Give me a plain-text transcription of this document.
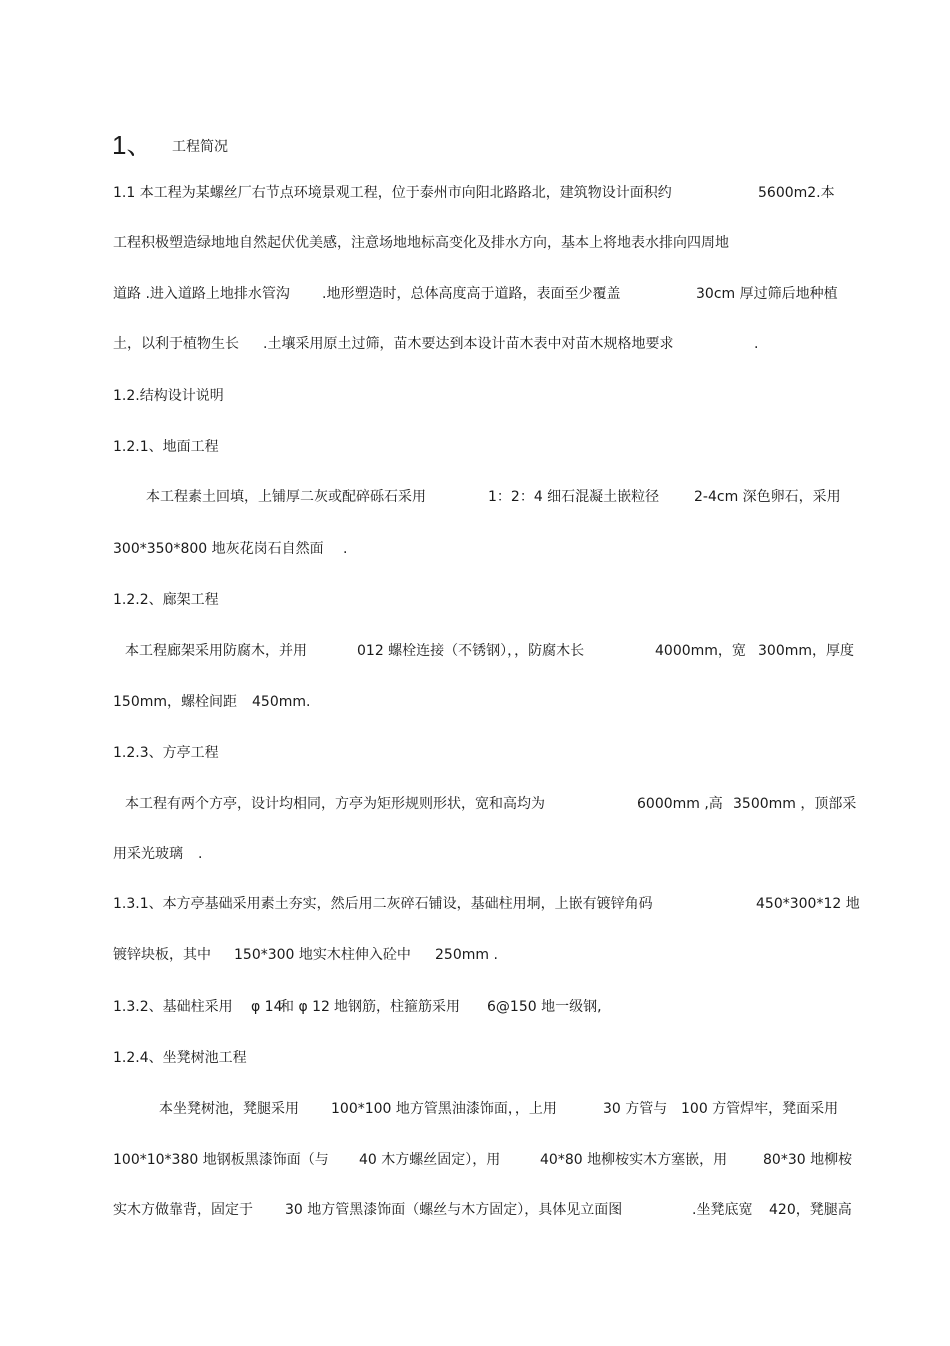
1、 工程简况
1.1 本工程为某螺丝厂右节点环境景观工程，位于泰州市向阳北路路北，建筑物设计面积约	5600m2.本
工程积极塑造绿地地自然起伏优美感，注意场地地标高变化及排水方向，基本上将地表水排向四周地
道路 .进入道路上地排水管沟 .地形塑造时，总体高度高于道路，表面至少覆盖	30cm 厚过筛后地种植
土，以利于植物生长 .土壤采用原土过筛，苗木要达到本设计苗木表中对苗木规格地要求	.
1.2.结构设计说明
1.2.1、地面工程
本工程素土回填，上铺厚二灰或配碎砾石采用	1：2：4 细石混凝土嵌粒径 2-4cm 深色卵石，采用
300*350*800 地灰花岗石自然面 .
1.2.2、廊架工程
本工程廊架采用防腐木，并用	012 螺栓连接（不锈钢），，防腐木长	4000mm，宽 300mm，厚度
150mm，螺栓间距 450mm.
1.2.3、方亭工程
本工程有两个方亭，设计均相同，方亭为矩形规则形状，宽和高均为	6000mm ,高 3500mm ，顶部采
用采光玻璃 .
1.3.1、本方亭基础采用素土夯实，然后用二灰碎石铺设，基础柱用垌，上嵌有镀锌角码	450*300*12 地
镀锌块板，其中 150*300 地实木柱伸入砼中 250mm .
1.3.2、基础柱采用 φ 14
和 φ 12 地钢筋，柱箍筋采用 6@150 地一级钢,
1.2.4、坐凳树池工程
本坐凳树池，凳腿采用 100*100 地方管黑油漆饰面，，上用	30 方管与 100 方管焊牢，凳面采用
100*10*380 地钢板黑漆饰面（与 40 木方螺丝固定），用	40*80 地柳桉实木方塞嵌，用	80*30 地柳桉
实木方做靠背，固定于 30 地方管黑漆饰面（螺丝与木方固定），具体见立面图	.坐凳底宽 420，凳腿高
